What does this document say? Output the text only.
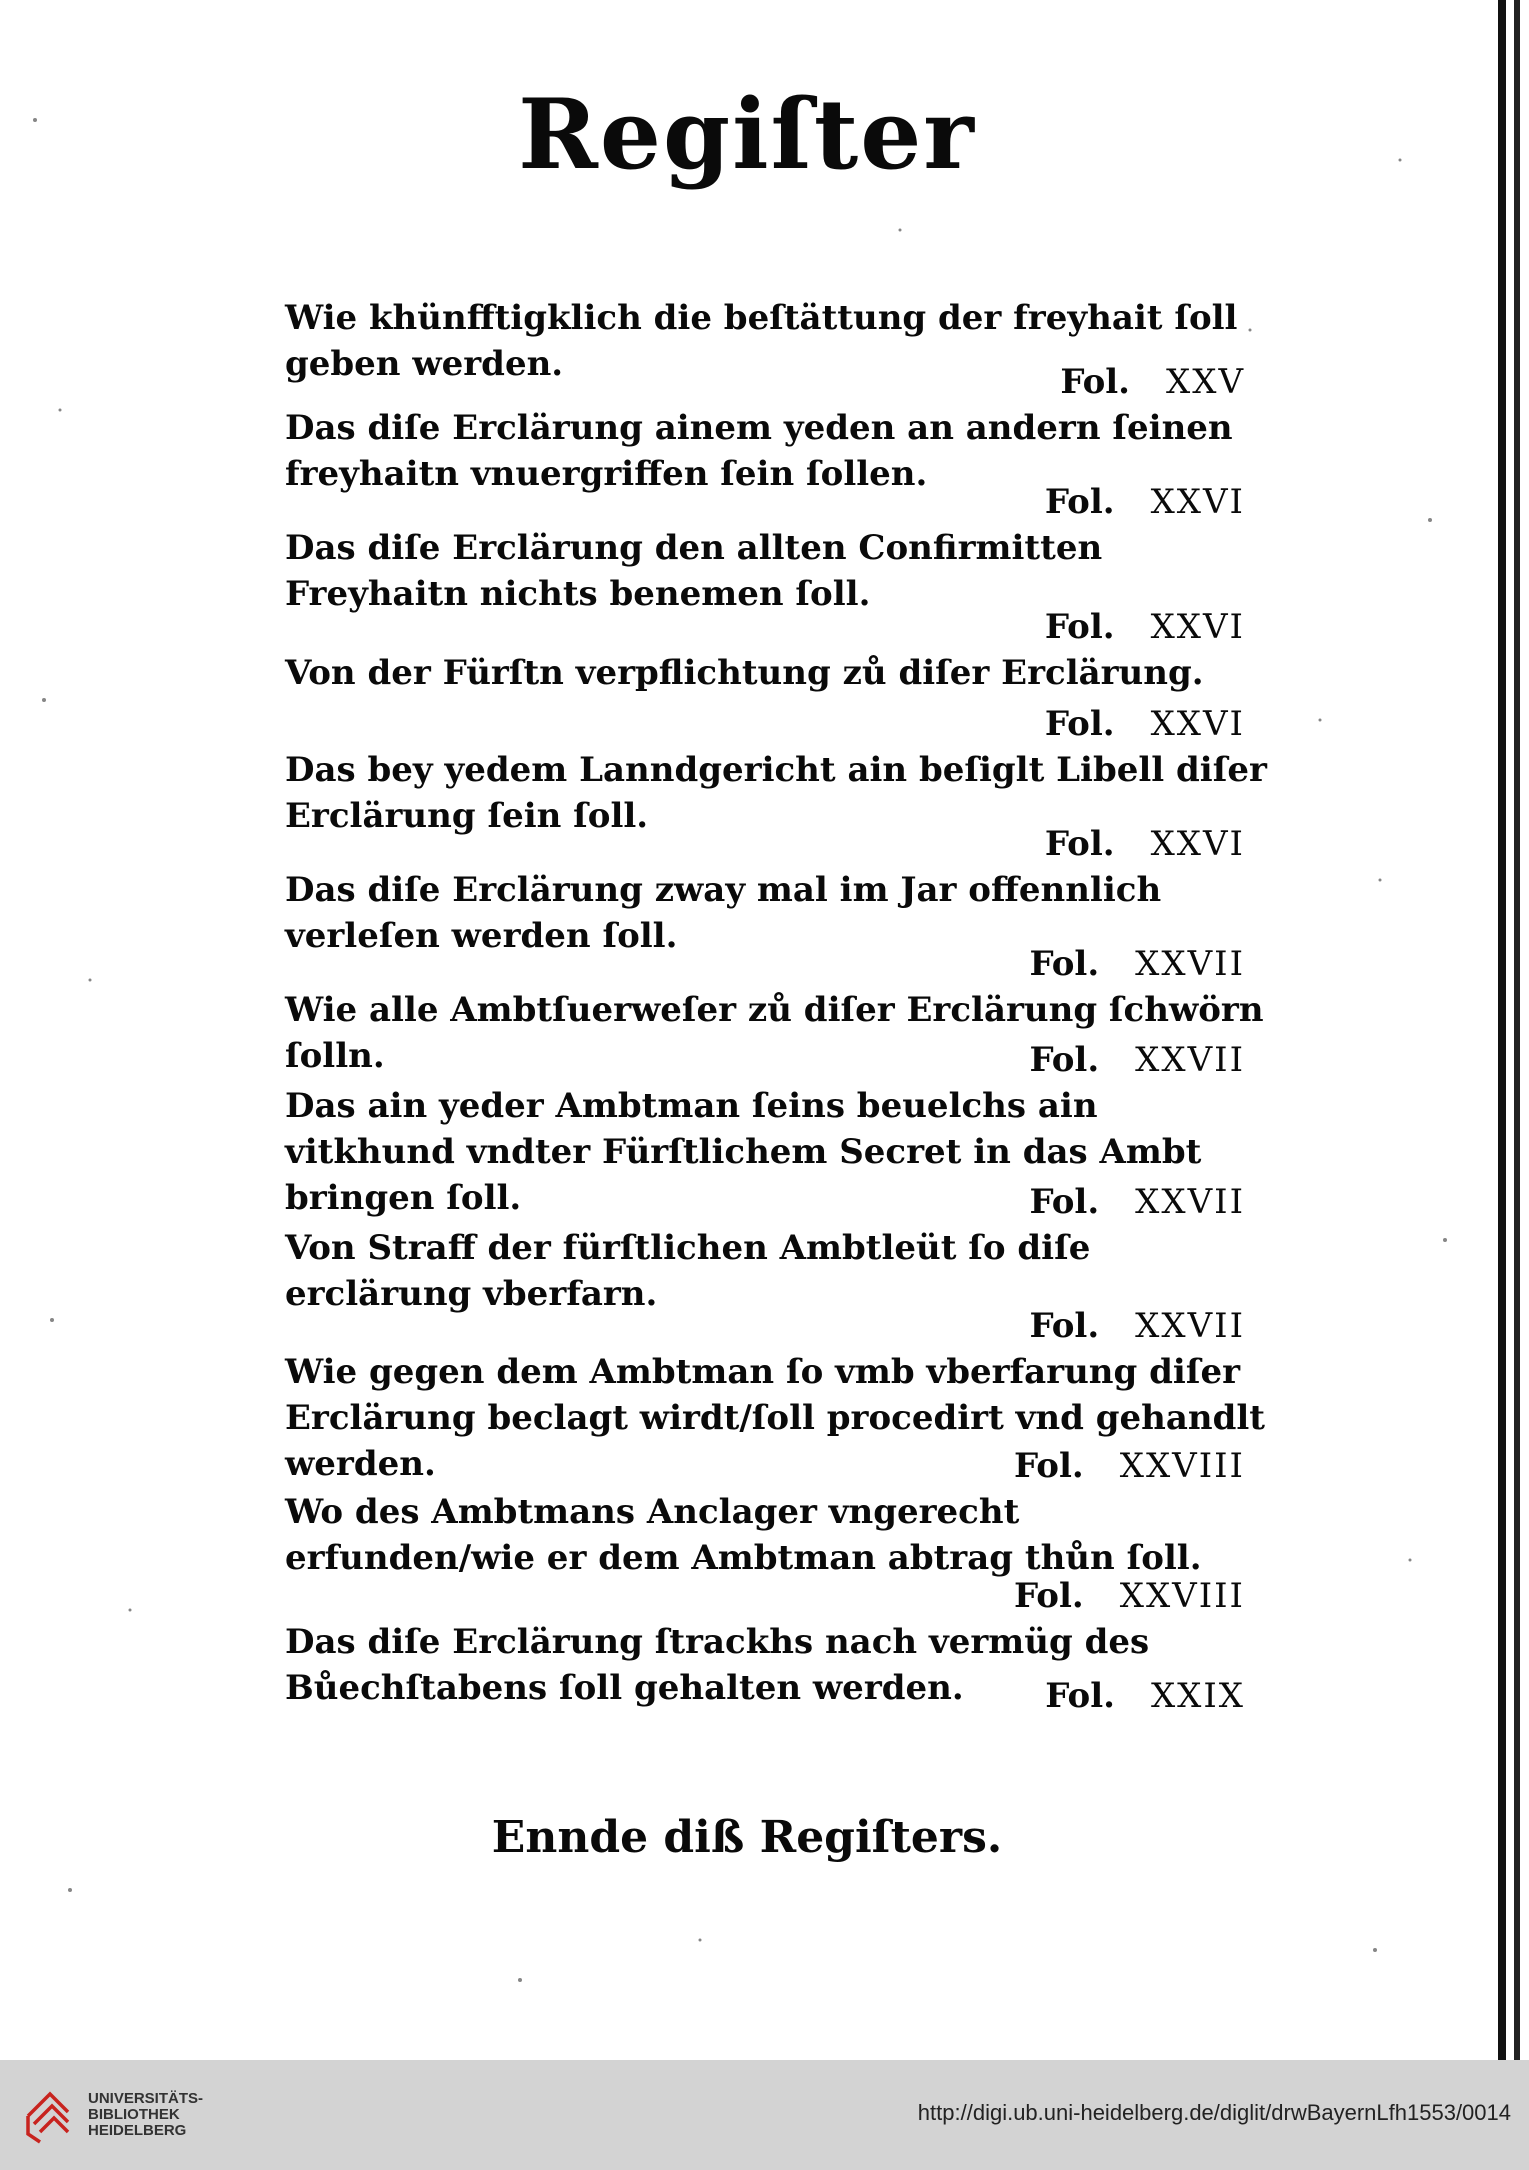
Regiſter
Wie khünfftigklich die beſtättung der freyhait ſoll geben werden.	Fol. XXV
Das diſe Erclärung ainem yeden an andern ſeinen freyhaitn vnuergriffen ſein ſollen.
Fol. XXVI
Das diſe Erclärung den allten Confirmitten Freyhaitn nichts benemen ſoll.
Fol. XXVI
Von der Fürſtn verpflichtung zů diſer Erclärung.
Fol. XXVI
Das bey yedem Lanndgericht ain beſiglt Libell diſer Erclärung ſein ſoll.
Fol. XXVI
Das diſe Erclärung zway mal im Jar offennlich verleſen werden ſoll.
Fol. XXVII
Wie alle Ambtſuerweſer zů diſer Erclärung ſchwörn ſolln.	Fol. XXVII
Das ain yeder Ambtman ſeins beuelchs ain vitkhund vndter Fürſtlichem Secret in das Ambt bringen ſoll.	Fol. XXVII
Von Straff der fürſtlichen Ambtleüt ſo diſe erclärung vberfarn.
Fol. XXVII
Wie gegen dem Ambtman ſo vmb vberfarung diſer Erclärung beclagt wirdt/ſoll procedirt vnd gehandlt werden.	Fol. XXVIII
Wo des Ambtmans Anclager vngerecht erfunden/wie er dem Ambtman abtrag thůn ſoll.
Fol. XXVIII
Das diſe Erclärung ſtrackhs nach vermüg des Bůechſtabens ſoll gehalten werden.	Fol. XXIX
Ennde diß Regiſters.
UNIVERSITÄTS-
BIBLIOTHEK
HEIDELBERG
http://digi.ub.uni-heidelberg.de/diglit/drwBayernLfh1553/0014
